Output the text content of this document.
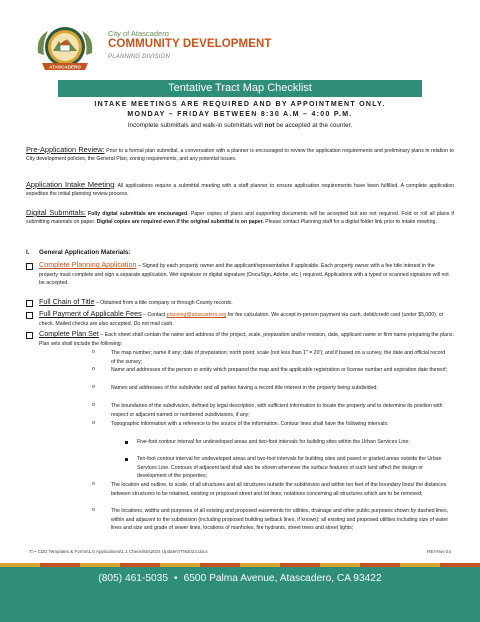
ATASCADERO
City of Atascadero
COMMUNITY DEVELOPMENT
PLANNING DIVISION
Tentative Tract Map Checklist
INTAKE MEETINGS ARE REQUIRED AND BY APPOINTMENT ONLY.
MONDAY – FRIDAY BETWEEN 8:30 A.M – 4:00 P.M.
Incomplete submittals and walk-in submittals will not be accepted at the counter.
Pre-Application Review: Prior to a formal plan submittal, a conversation with a planner is encouraged to review the application requirements and preliminary plans in relation to City development policies, the General Plan, zoning requirements, and any potential issues.
Application Intake Meeting: All applications require a submittal meeting with a staff planner to ensure application requirements have been fulfilled. A complete application expedites the initial planning review process.
Digital Submittals: Fully digital submittals are encouraged. Paper copies of plans and supporting documents will be accepted but are not required. Fold or roll all plans if submitting materials on paper. Digital copies are required even if the original submittal is on paper. Please contact Planning staff for a digital folder link prior to intake meeting.
I. General Application Materials:
Complete Planning Application – Signed by each property owner and the applicant/representative if applicable. Each property owner with a fee title interest in the property must complete and sign a separate application. Wet signature or digital signature (DocuSign, Adobe, etc.) required. Applications with a typed or scanned signature will not be accepted.
Full Chain of Title – Obtained from a title company or through County records.
Full Payment of Applicable Fees – Contact planning@atascadero.org for fee calculation. We accept in-person payment via cash, debit/credit card (under $5,000), or check. Mailed checks are also accepted. Do not mail cash.
Complete Plan Set – Each sheet shall contain the name and address of the project, scale, preparation and/or revision, date, applicant name or firm name preparing the plans. Plan sets shall include the following:
o	The map number; name if any; date of preparation; north point; scale (not less than 1" = 20'); and if based on a survey, the date and official record of the survey;
o	Name and addresses of the person or entity which prepared the map and the applicable registration or license number and expiration date thereof;
o	Names and addresses of the subdivider and all parties having a record title interest in the property being subdivided;
o	The boundaries of the subdivision, defined by legal description, with sufficient information to locate the property and to determine its position with respect or adjacent named or numbered subdivisions, if any;
o	Topographic information with a reference to the source of the information. Contour lines shall have the following intervals:
Five-foot contour interval for undeveloped areas and two-foot intervals for building sites within the Urban Services Line;
Ten-foot contour interval for undeveloped areas and two-foot intervals for building sites and paved or graded areas outside the Urban Services Line. Contours of adjacent land shall also be shown whenever the surface features of such land affect the design or development of the properties;
o	The location and outline, to scale, of all structures and all structures outside the subdivision and within ten feet of the boundary lines/ the distances between structures to be retained, existing or proposed street and lot lines; notations concerning all structures which are to be removed;
o	The locations, widths and purposes of all existing and proposed easements for utilities, drainage and other public purposes shown by dashed lines, within and adjacent to the subdivision (including proposed building setback lines, if known); all existing and proposed utilities including size of water lines and size and grade of sewer lines, locations of manholes, fire hydrants, street trees and street lights;
T:\~ CDD Templates & Forms\1.0 Applications\1.1 Checklists\2024 Update\TTM2024.docx	REVNov-24
(805) 461-5035 • 6500 Palma Avenue, Atascadero, CA 93422
